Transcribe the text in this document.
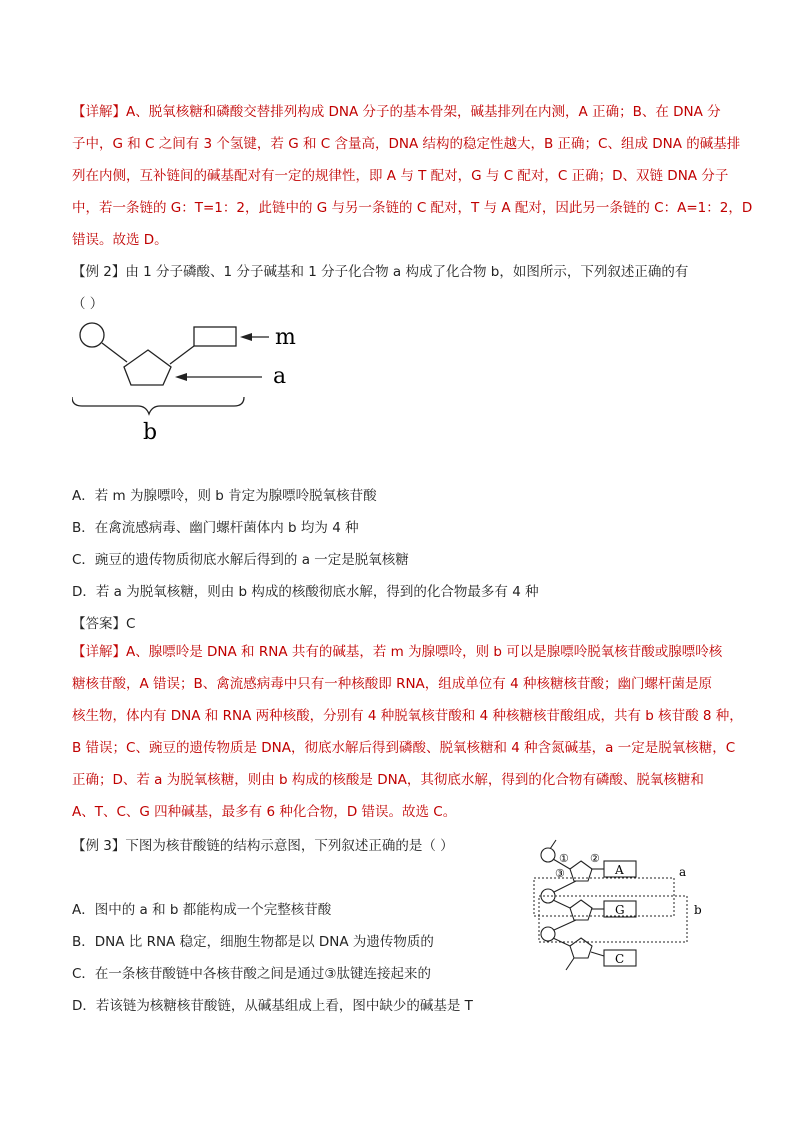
【详解】A、脱氧核糖和磷酸交替排列构成 DNA 分子的基本骨架，碱基排列在内测，A 正确；B、在 DNA 分
子中，G 和 C 之间有 3 个氢键，若 G 和 C 含量高，DNA 结构的稳定性越大，B 正确；C、组成 DNA 的碱基排
列在内侧，互补链间的碱基配对有一定的规律性，即 A 与 T 配对，G 与 C 配对，C 正确；D、双链 DNA 分子
中，若一条链的 G：T=1：2，此链中的 G 与另一条链的 C 配对，T 与 A 配对，因此另一条链的 C：A=1：2，D
错误。故选 D。
【例 2】由 1 分子磷酸、1 分子碱基和 1 分子化合物 a 构成了化合物 b，如图所示，下列叙述正确的有
（ ）
m
a
b
A．若 m 为腺嘌呤，则 b 肯定为腺嘌呤脱氧核苷酸
B．在禽流感病毒、幽门螺杆菌体内 b 均为 4 种
C．豌豆的遗传物质彻底水解后得到的 a 一定是脱氧核糖
D．若 a 为脱氧核糖，则由 b 构成的核酸彻底水解，得到的化合物最多有 4 种
【答案】C
【详解】A、腺嘌呤是 DNA 和 RNA 共有的碱基，若 m 为腺嘌呤，则 b 可以是腺嘌呤脱氧核苷酸或腺嘌呤核
糖核苷酸，A 错误；B、禽流感病毒中只有一种核酸即 RNA，组成单位有 4 种核糖核苷酸；幽门螺杆菌是原
核生物，体内有 DNA 和 RNA 两种核酸，分别有 4 种脱氧核苷酸和 4 种核糖核苷酸组成，共有 b 核苷酸 8 种，
B 错误；C、豌豆的遗传物质是 DNA，彻底水解后得到磷酸、脱氧核糖和 4 种含氮碱基，a 一定是脱氧核糖，C
正确；D、若 a 为脱氧核糖，则由 b 构成的核酸是 DNA，其彻底水解，得到的化合物有磷酸、脱氧核糖和
A、T、C、G 四种碱基，最多有 6 种化合物，D 错误。故选 C。
【例 3】下图为核苷酸链的结构示意图，下列叙述正确的是（ ）
A
① ②
③
G
C
a
b
A．图中的 a 和 b 都能构成一个完整核苷酸
B．DNA 比 RNA 稳定，细胞生物都是以 DNA 为遗传物质的
C．在一条核苷酸链中各核苷酸之间是通过③肽键连接起来的
D．若该链为核糖核苷酸链，从碱基组成上看，图中缺少的碱基是 T
